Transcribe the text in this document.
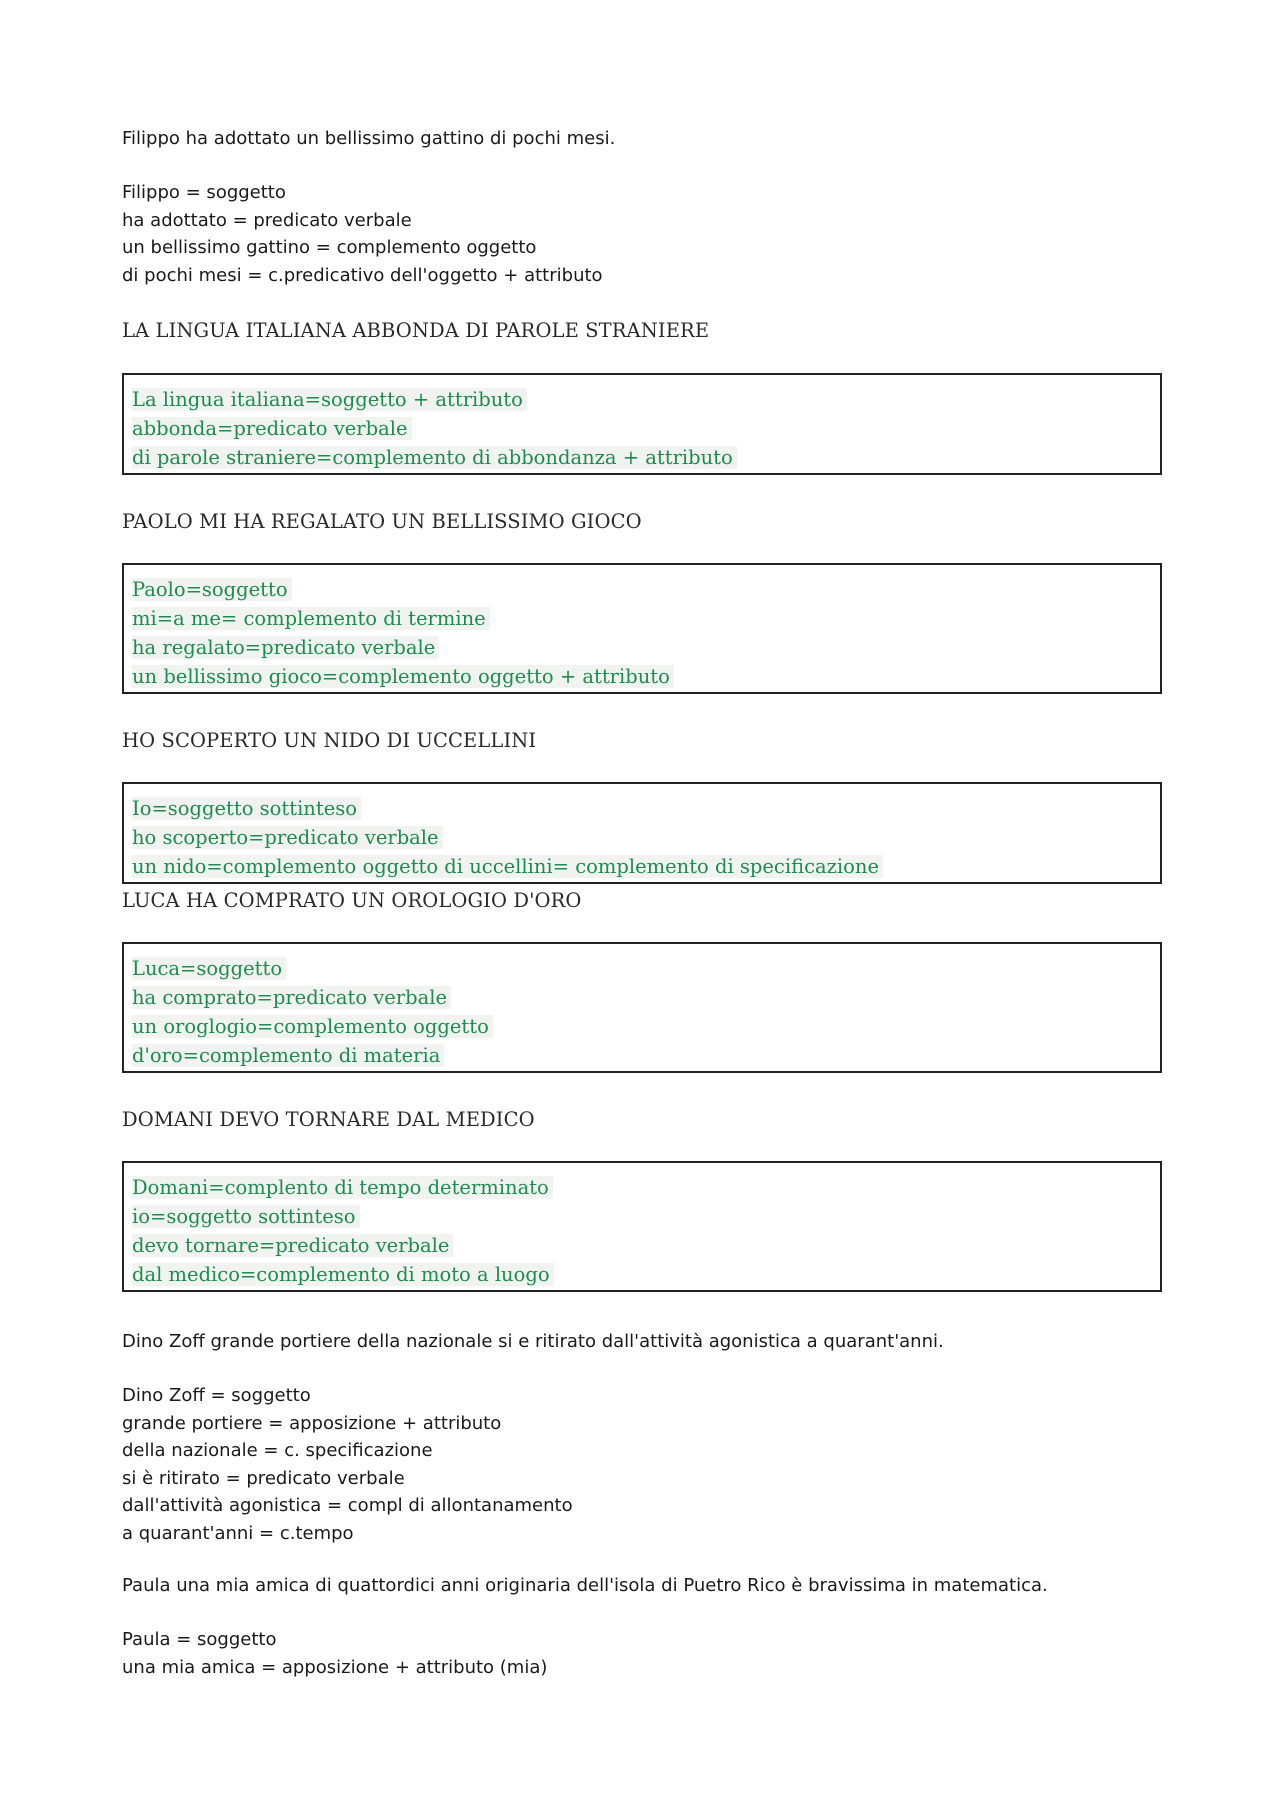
Filippo ha adottato un bellissimo gattino di pochi mesi.
Filippo = soggetto
ha adottato = predicato verbale
un bellissimo gattino = complemento oggetto
di pochi mesi = c.predicativo dell'oggetto + attributo
LA LINGUA ITALIANA ABBONDA DI PAROLE STRANIERE
La lingua italiana=soggetto + attributo
abbonda=predicato verbale
di parole straniere=complemento di abbondanza + attributo
PAOLO MI HA REGALATO UN BELLISSIMO GIOCO
Paolo=soggetto
mi=a me= complemento di termine
ha regalato=predicato verbale
un bellissimo gioco=complemento oggetto + attributo
HO SCOPERTO UN NIDO DI UCCELLINI
Io=soggetto sottinteso
ho scoperto=predicato verbale
un nido=complemento oggetto di uccellini= complemento di specificazione
LUCA HA COMPRATO UN OROLOGIO D'ORO
Luca=soggetto
ha comprato=predicato verbale
un oroglogio=complemento oggetto
d'oro=complemento di materia
DOMANI DEVO TORNARE DAL MEDICO
Domani=complento di tempo determinato
io=soggetto sottinteso
devo tornare=predicato verbale
dal medico=complemento di moto a luogo
Dino Zoff grande portiere della nazionale si e ritirato dall'attività agonistica a quarant'anni.
Dino Zoff = soggetto
grande portiere = apposizione + attributo
della nazionale = c. specificazione
si è ritirato = predicato verbale
dall'attività agonistica = compl di allontanamento
a quarant'anni = c.tempo
Paula una mia amica di quattordici anni originaria dell'isola di Puetro Rico è bravissima in matematica.
Paula = soggetto
una mia amica = apposizione + attributo (mia)
